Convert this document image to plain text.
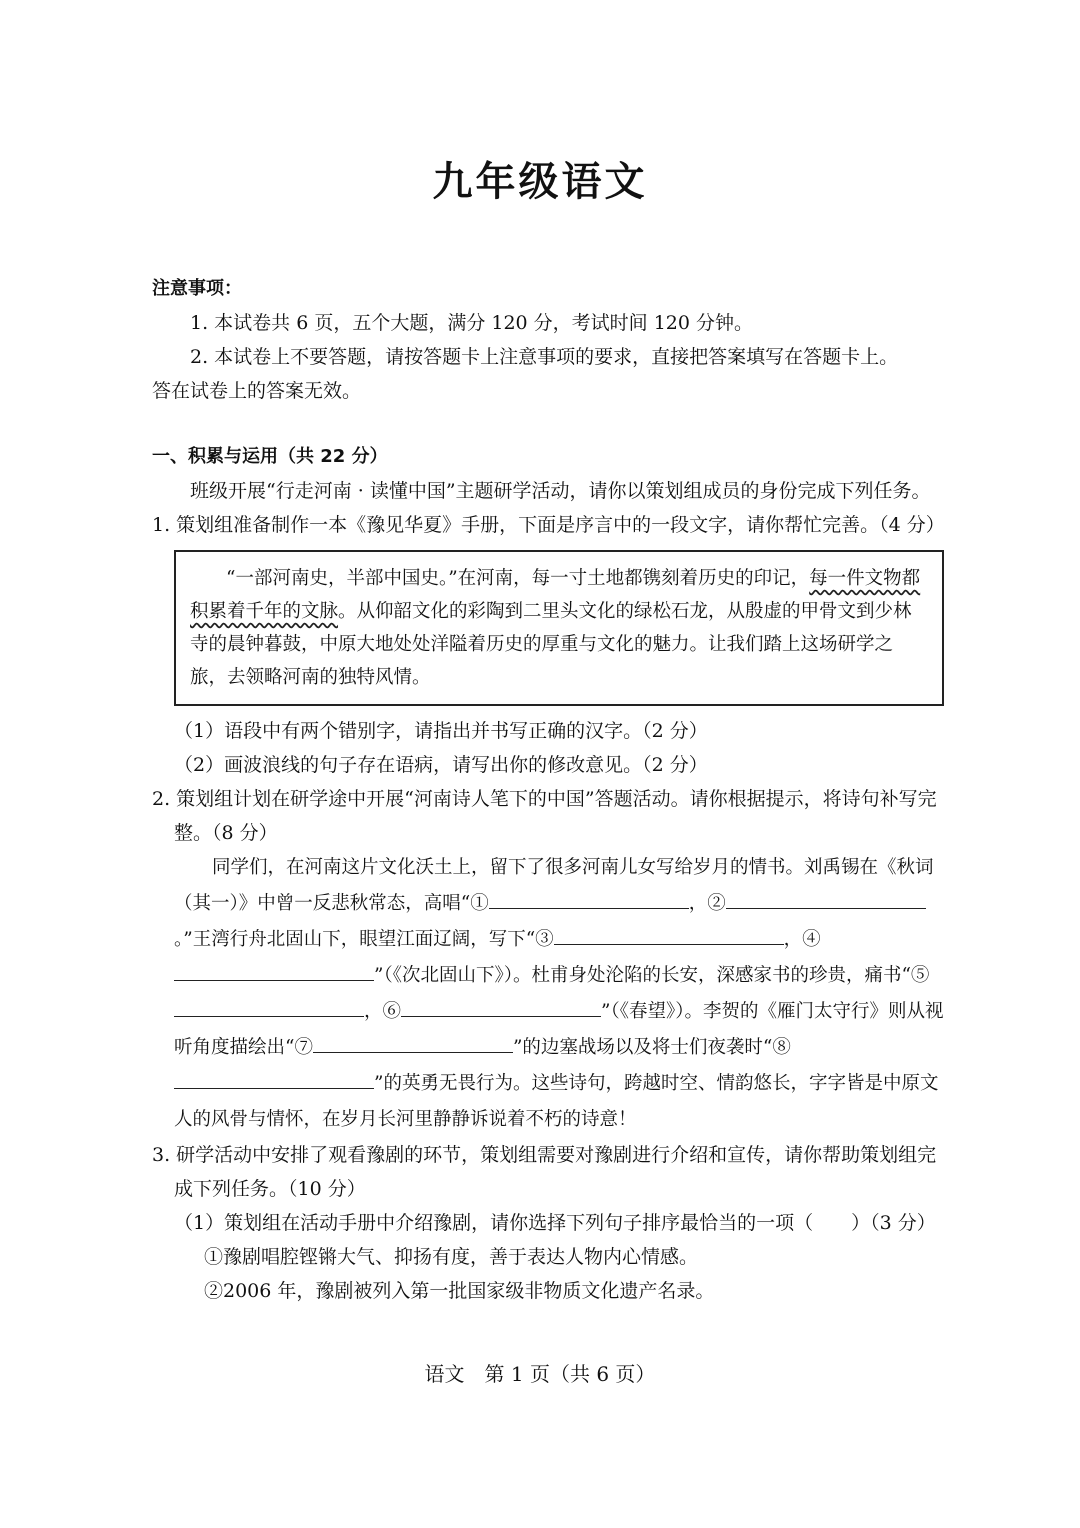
九年级语文
注意事项：
1. 本试卷共 6 页，五个大题，满分 120 分，考试时间 120 分钟。
2. 本试卷上不要答题，请按答题卡上注意事项的要求，直接把答案填写在答题卡上。
答在试卷上的答案无效。
一、积累与运用（共 22 分）
班级开展“行走河南 · 读懂中国”主题研学活动，请你以策划组成员的身份完成下列任务。
1. 策划组准备制作一本《豫见华夏》手册，下面是序言中的一段文字，请你帮忙完善。（4 分）
“一部河南史，半部中国史。”在河南，每一寸土地都镌刻着历史的印记，每一件文物都积累着千年的文脉。从仰韶文化的彩陶到二里头文化的绿松石龙，从殷虚的甲骨文到少林寺的晨钟暮鼓，中原大地处处洋隘着历史的厚重与文化的魅力。让我们踏上这场研学之旅，去领略河南的独特风情。
（1）语段中有两个错别字，请指出并书写正确的汉字。（2 分）
（2）画波浪线的句子存在语病，请写出你的修改意见。（2 分）
2. 策划组计划在研学途中开展“河南诗人笔下的中国”答题活动。请你根据提示，将诗句补写完整。（8 分）
同学们，在河南这片文化沃土上，留下了很多河南儿女写给岁月的情书。刘禹锡在《秋词（其一）》中曾一反悲秋常态，高唱“①	，②。”王湾行舟北固山下，眼望江面辽阔，写下“③	，④”（《次北固山下》）。杜甫身处沦陷的长安，深感家书的珍贵，痛书“⑤，⑥	”（《春望》）。李贺的《雁门太守行》则从视听角度描绘出“⑦	”的边塞战场以及将士们夜袭时“⑧”的英勇无畏行为。这些诗句，跨越时空、情韵悠长，字字皆是中原文人的风骨与情怀，在岁月长河里静静诉说着不朽的诗意！
3. 研学活动中安排了观看豫剧的环节，策划组需要对豫剧进行介绍和宣传，请你帮助策划组完成下列任务。（10 分）
（1）策划组在活动手册中介绍豫剧，请你选择下列句子排序最恰当的一项（　　）（3 分）
①豫剧唱腔铿锵大气、抑扬有度，善于表达人物内心情感。
②2006 年，豫剧被列入第一批国家级非物质文化遗产名录。
语文　第 1 页（共 6 页）
